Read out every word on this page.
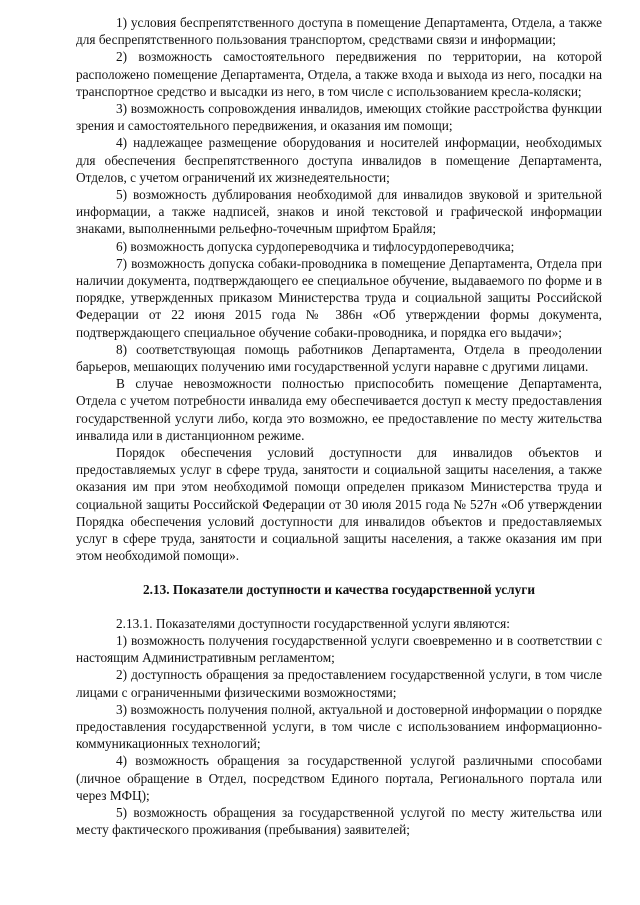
1) условия беспрепятственного доступа в помещение Департамента, Отдела, а также для беспрепятственного пользования транспортом, средствами связи и информации;

2) возможность самостоятельного передвижения по территории, на которой расположено помещение Департамента, Отдела, а также входа и выхода из него, посадки на транспортное средство и высадки из него, в том числе с использованием кресла-коляски;

3) возможность сопровождения инвалидов, имеющих стойкие расстройства функции зрения и самостоятельного передвижения, и оказания им помощи;

4) надлежащее размещение оборудования и носителей информации, необходимых для обеспечения беспрепятственного доступа инвалидов в помещение Департамента, Отделов, с учетом ограничений их жизнедеятельности;

5) возможность дублирования необходимой для инвалидов звуковой и зрительной информации, а также надписей, знаков и иной текстовой и графической информации знаками, выполненными рельефно-точечным шрифтом Брайля;

6) возможность допуска сурдопереводчика и тифлосурдопереводчика;

7) возможность допуска собаки-проводника в помещение Департамента, Отдела при наличии документа, подтверждающего ее специальное обучение, выдаваемого по форме и в порядке, утвержденных приказом Министерства труда и социальной защиты Российской Федерации от 22 июня 2015 года № 386н «Об утверждении формы документа, подтверждающего специальное обучение собаки-проводника, и порядка его выдачи»;

8) соответствующая помощь работников Департамента, Отдела в преодолении барьеров, мешающих получению ими государственной услуги наравне с другими лицами.

В случае невозможности полностью приспособить помещение Департамента, Отдела с учетом потребности инвалида ему обеспечивается доступ к месту предоставления государственной услуги либо, когда это возможно, ее предоставление по месту жительства инвалида или в дистанционном режиме.

Порядок обеспечения условий доступности для инвалидов объектов и предоставляемых услуг в сфере труда, занятости и социальной защиты населения, а также оказания им при этом необходимой помощи определен приказом Министерства труда и социальной защиты Российской Федерации от 30 июля 2015 года № 527н «Об утверждении Порядка обеспечения условий доступности для инвалидов объектов и предоставляемых услуг в сфере труда, занятости и социальной защиты населения, а также оказания им при этом необходимой помощи».

2.13. Показатели доступности и качества государственной услуги

2.13.1. Показателями доступности государственной услуги являются:

1) возможность получения государственной услуги своевременно и в соответствии с настоящим Административным регламентом;

2) доступность обращения за предоставлением государственной услуги, в том числе лицами с ограниченными физическими возможностями;

3) возможность получения полной, актуальной и достоверной информации о порядке предоставления государственной услуги, в том числе с использованием информационно-коммуникационных технологий;

4) возможность обращения за государственной услугой различными способами (личное обращение в Отдел, посредством Единого портала, Регионального портала или через МФЦ);

5) возможность обращения за государственной услугой по месту жительства или месту фактического проживания (пребывания) заявителей;
